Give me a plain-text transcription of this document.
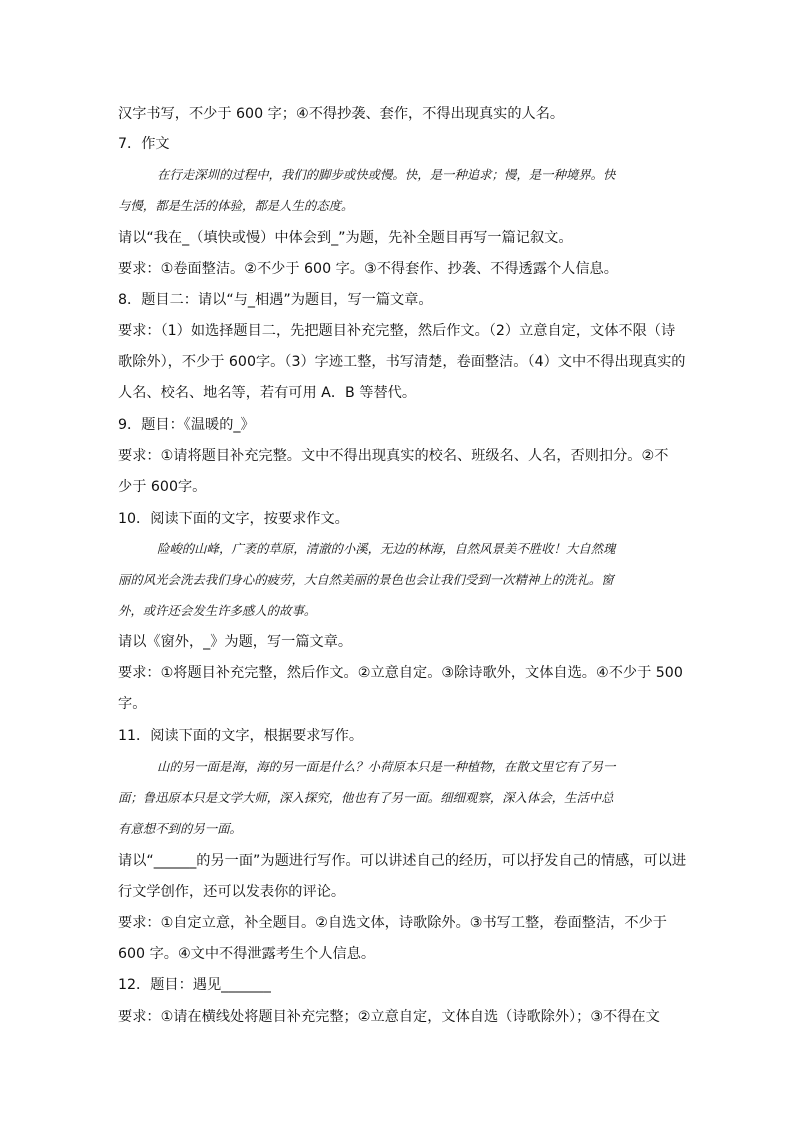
汉字书写，不少于 600 字；④不得抄袭、套作，不得出现真实的人名。
7．作文
在行走深圳的过程中，我们的脚步或快或慢。快，是一种追求；慢，是一种境界。快
与慢，都是生活的体验，都是人生的态度。
请以“我在_（填快或慢）中体会到_”为题，先补全题目再写一篇记叙文。
要求：①卷面整洁。②不少于 600 字。③不得套作、抄袭、不得透露个人信息。
8．题目二：请以“与_相遇”为题目，写一篇文章。
要求：（1）如选择题目二，先把题目补充完整，然后作文。（2）立意自定，文体不限（诗
歌除外），不少于 600字。（3）字迹工整，书写清楚，卷面整洁。（4）文中不得出现真实的
人名、校名、地名等，若有可用 A．B 等替代。
9．题目：《温暖的_》
要求：①请将题目补充完整。文中不得出现真实的校名、班级名、人名，否则扣分。②不
少于 600字。
10．阅读下面的文字，按要求作文。
险峻的山峰，广袤的草原，清澈的小溪，无边的林海，自然风景美不胜收！大自然瑰
丽的风光会洗去我们身心的疲劳，大自然美丽的景色也会让我们受到一次精神上的洗礼。窗
外，或许还会发生许多感人的故事。
请以《窗外，_》为题，写一篇文章。
要求：①将题目补充完整，然后作文。②立意自定。③除诗歌外，文体自选。④不少于 500
字。
11．阅读下面的文字，根据要求写作。
山的另一面是海，海的另一面是什么？小荷原本只是一种植物，在散文里它有了另一
面；鲁迅原本只是文学大师，深入探究，他也有了另一面。细细观察，深入体会，生活中总
有意想不到的另一面。
请以“______的另一面”为题进行写作。可以讲述自己的经历，可以抒发自己的情感，可以进
行文学创作，还可以发表你的评论。
要求：①自定立意，补全题目。②自选文体，诗歌除外。③书写工整，卷面整洁，不少于
600 字。④文中不得泄露考生个人信息。
12．题目：遇见_______
要求：①请在横线处将题目补充完整；②立意自定，文体自选（诗歌除外）；③不得在文
